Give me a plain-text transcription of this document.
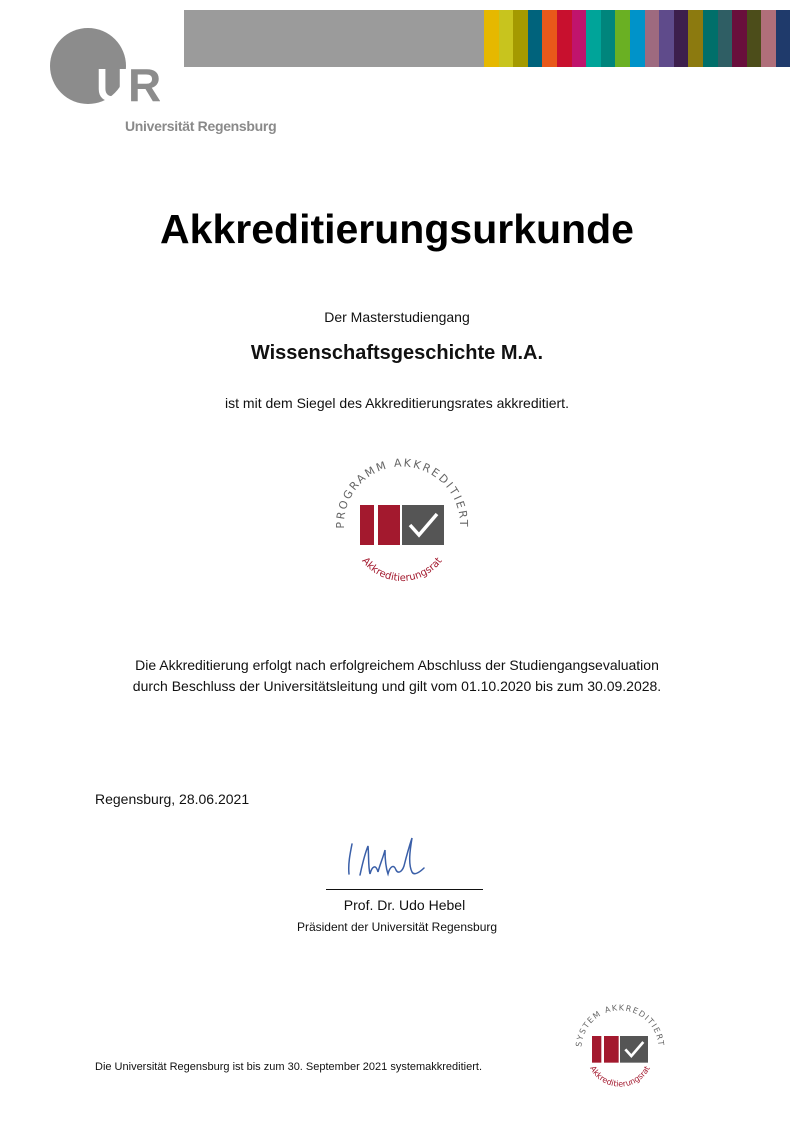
U
R
Universität Regensburg
Akkreditierungsurkunde
Der Masterstudiengang
Wissenschaftsgeschichte M.A.
ist mit dem Siegel des Akkreditierungsrates akkreditiert.
PROGRAMM AKKREDITIERT
Akkreditierungsrat
Die Akkreditierung erfolgt nach erfolgreichem Abschluss der Studiengangsevaluation
durch Beschluss der Universitätsleitung und gilt vom 01.10.2020 bis zum 30.09.2028.
Regensburg, 28.06.2021
Prof. Dr. Udo Hebel
Präsident der Universität Regensburg
Die Universität Regensburg ist bis zum 30. September 2021 systemakkreditiert.
SYSTEM AKKREDITIERT
Akkreditierungsrat
